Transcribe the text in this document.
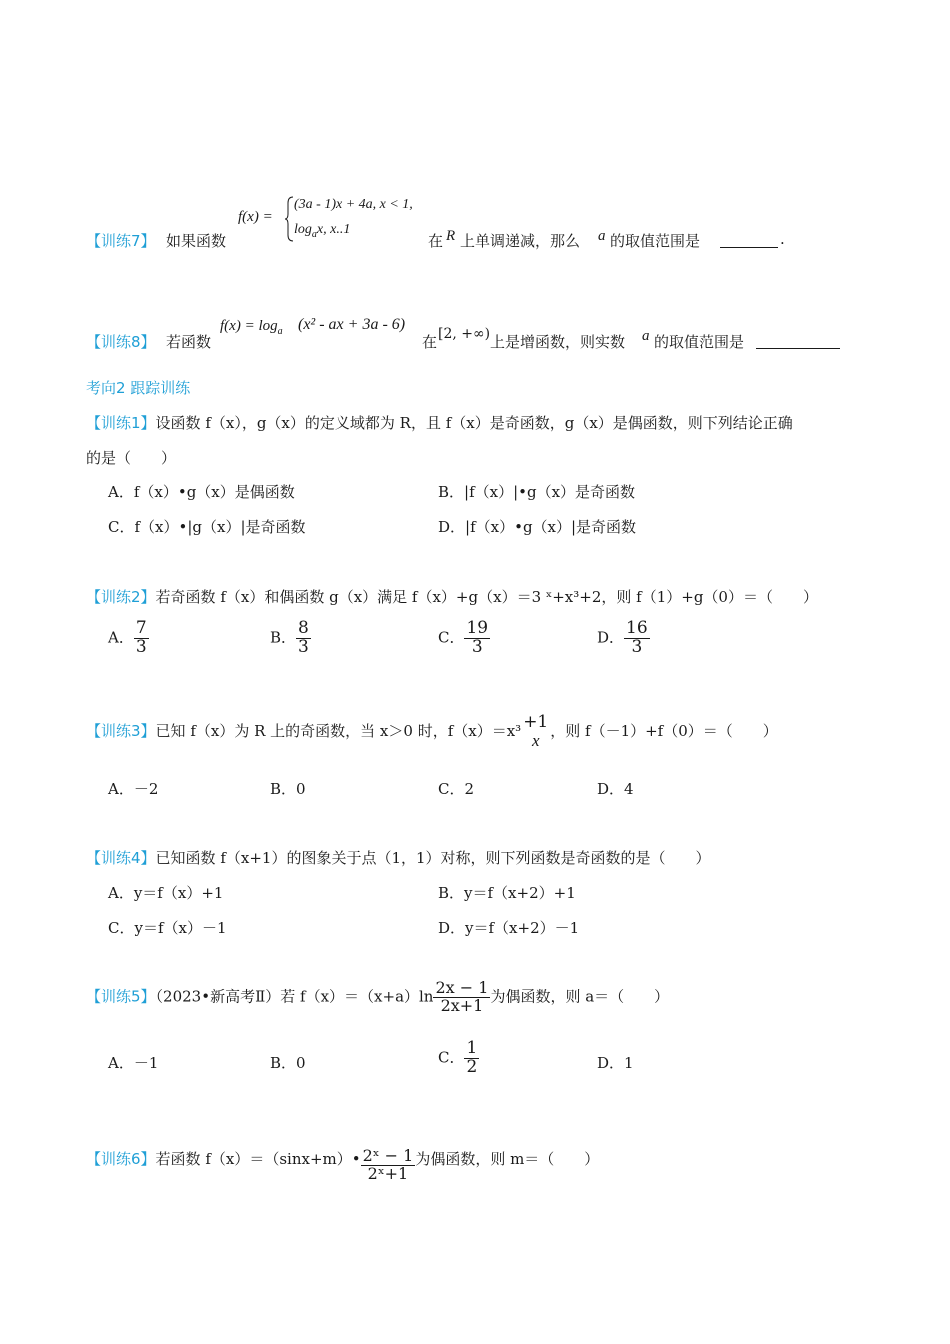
【训练7】 如果函数
f(x) =
(3a - 1)x + 4a, x < 1,
$\log_ax$, x..1
在 R 上单调递减，那么 a 的取值范围是	.
【训练8】 若函数
$f(x) = \log_a (x^2$ - ax + 3a - 6)
在 [2, +∞) 上是增函数，则实数 a 的取值范围是
考向2 跟踪训练
【训练1】设函数 f（x），g（x）的定义域都为 R，且 f（x）是奇函数，g（x）是偶函数，则下列结论正确
的是（　　）
A．f（x）•g（x）是偶函数	B．|f（x）|•g（x）是奇函数
C．f（x）•|g（x）|是奇函数	D．|f（x）•g（x）|是奇函数
【训练2】若奇函数 f（x）和偶函数 g（x）满足 f（x）+g（x）＝3 ˣ+x³+2，则 f（1）+g（0）＝（　　）
A． $\frac{7}{3}$	B． $\frac{8}{3}$	C． $\frac{19}{3}$	D． $\frac{16}{3}$
【训练3】已知 f（x）为 R 上的奇函数，当 x＞0 时，f（x）＝x³ +1
x ，则 f（－1）+f（0）＝（　　）
A．－2	B．0	C．2	D．4
【训练4】已知函数 f（x+1）的图象关于点（1，1）对称，则下列函数是奇函数的是（　　）
A．y＝f（x）+1	B．y＝f（x+2）+1
C．y＝f（x）－1	D．y＝f（x+2）－1
【训练5】（2023•新高考Ⅱ）若 $f(x)=(x+a)\ln \frac{2x - 1}{2x+1}$ 为偶函数，则 a＝（　　）
A．－1	B．0	C． $\frac{1}{2}$	D．1
【训练6】若函数 f（x）＝（sinx+m）• $\frac{\text{2ˣ − 1}}{\text{2ˣ+1}}$ 为偶函数，则 m＝（　　）
